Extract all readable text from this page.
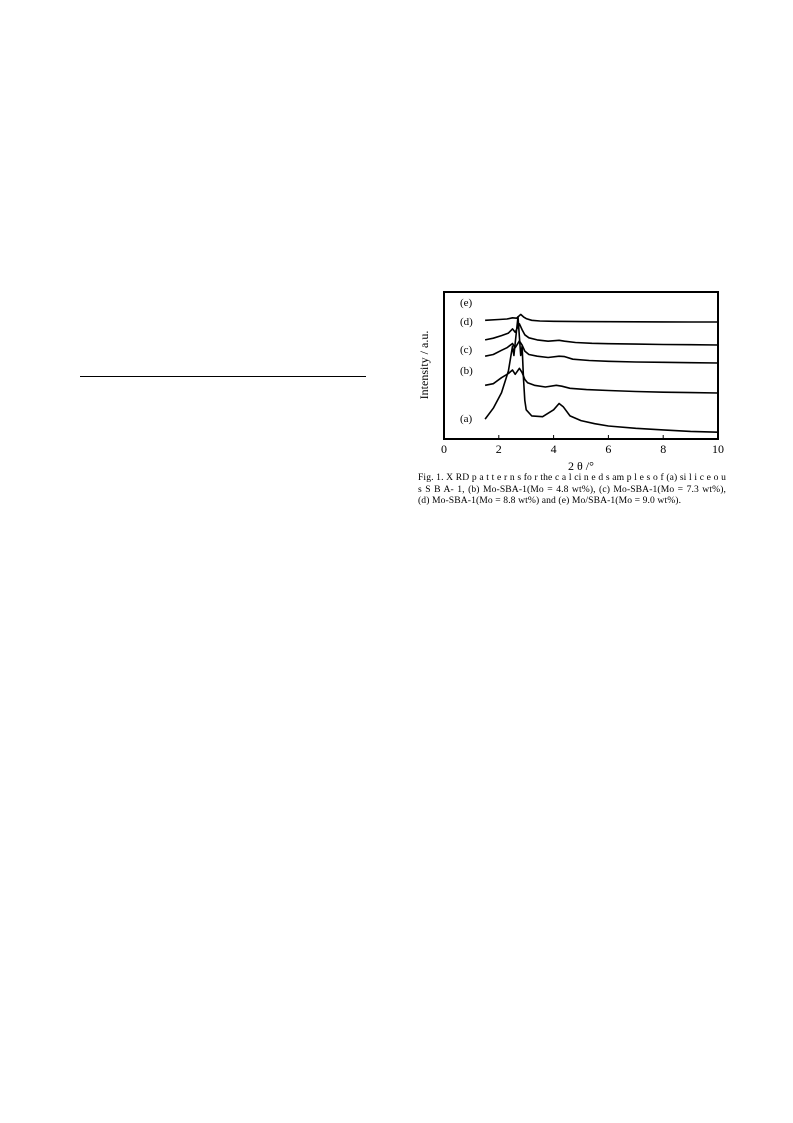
0	2	4	6	8	10
(a)
(b)
(c)
(d)
(e)
Intensity / a.u.
2 θ /°
Fig. 1. X RD p a t t e r n s fo r the c a l ci n e d s am p l e s o f (a) si l i c e o u s S B A- 1, (b) Mo-SBA-1(Mo = 4.8 wt%), (c) Mo-SBA-1(Mo = 7.3 wt%), (d) Mo-SBA-1(Mo = 8.8 wt%) and (e) Mo/SBA-1(Mo = 9.0 wt%).
